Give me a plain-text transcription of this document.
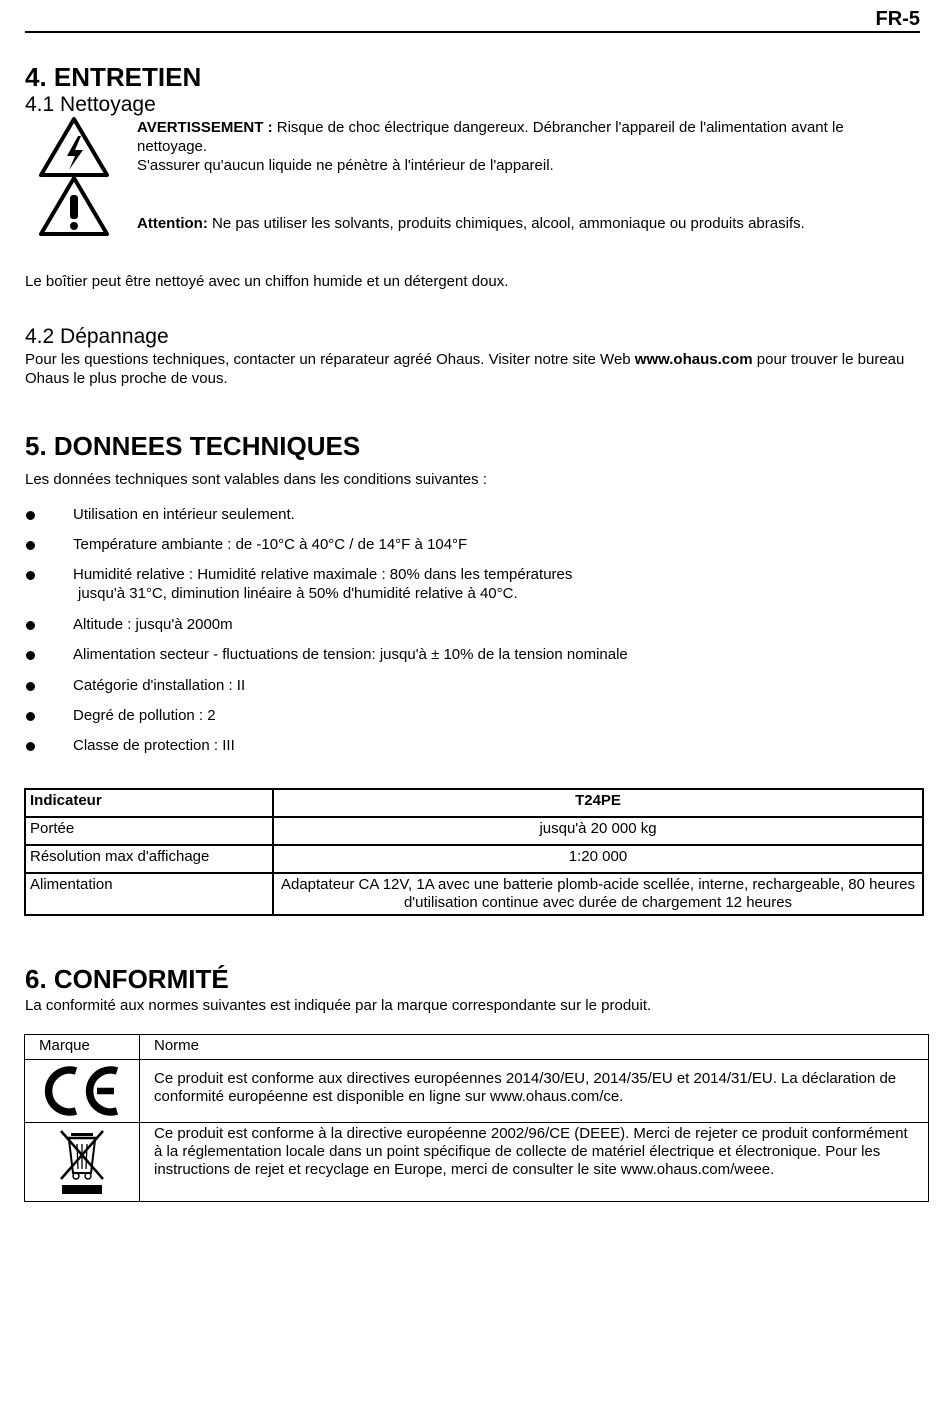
FR-5
4. ENTRETIEN
4.1 Nettoyage
AVERTISSEMENT : Risque de choc électrique dangereux. Débrancher l'appareil de l'alimentation avant le nettoyage.

S'assurer qu'aucun liquide ne pénètre à l'intérieur de l'appareil.

Attention: Ne pas utiliser les solvants, produits chimiques, alcool, ammoniaque ou produits abrasifs.

Le boîtier peut être nettoyé avec un chiffon humide et un détergent doux.

4.2 Dépannage
Pour les questions techniques, contacter un réparateur agréé Ohaus. Visiter notre site Web www.ohaus.com pour trouver le bureau Ohaus le plus proche de vous.
5. DONNEES TECHNIQUES

Les données techniques sont valables dans les conditions suivantes :

Utilisation en intérieur seulement.
Température ambiante : de -10°C à 40°C / de 14°F à 104°F
Humidité relative : Humidité relative maximale : 80% dans les températures
jusqu'à 31°C, diminution linéaire à 50% d'humidité relative à 40°C.
Altitude : jusqu'à 2000m
Alimentation secteur - fluctuations de tension: jusqu'à ± 10% de la tension nominale
Catégorie d'installation : II
Degré de pollution : 2
Classe de protection : III
Indicateur	T24PE
Portée	jusqu'à 20 000 kg
Résolution max d'affichage	1:20 000
Alimentation	Adaptateur CA 12V, 1A avec une batterie plomb-acide scellée, interne, rechargeable, 80 heures d'utilisation continue avec durée de chargement 12 heures
6. CONFORMITÉ

La conformité aux normes suivantes est indiquée par la marque correspondante sur le produit.

Marque	Norme

	Ce produit est conforme aux directives européennes 2014/30/EU, 2014/35/EU et 2014/31/EU. La déclaration de conformité européenne est disponible en ligne sur www.ohaus.com/ce.

	Ce produit est conforme à la directive européenne 2002/96/CE (DEEE). Merci de rejeter ce produit conformément à la réglementation locale dans un point spécifique de collecte de matériel électrique et électronique. Pour les instructions de rejet et recyclage en Europe, merci de consulter le site www.ohaus.com/weee.
